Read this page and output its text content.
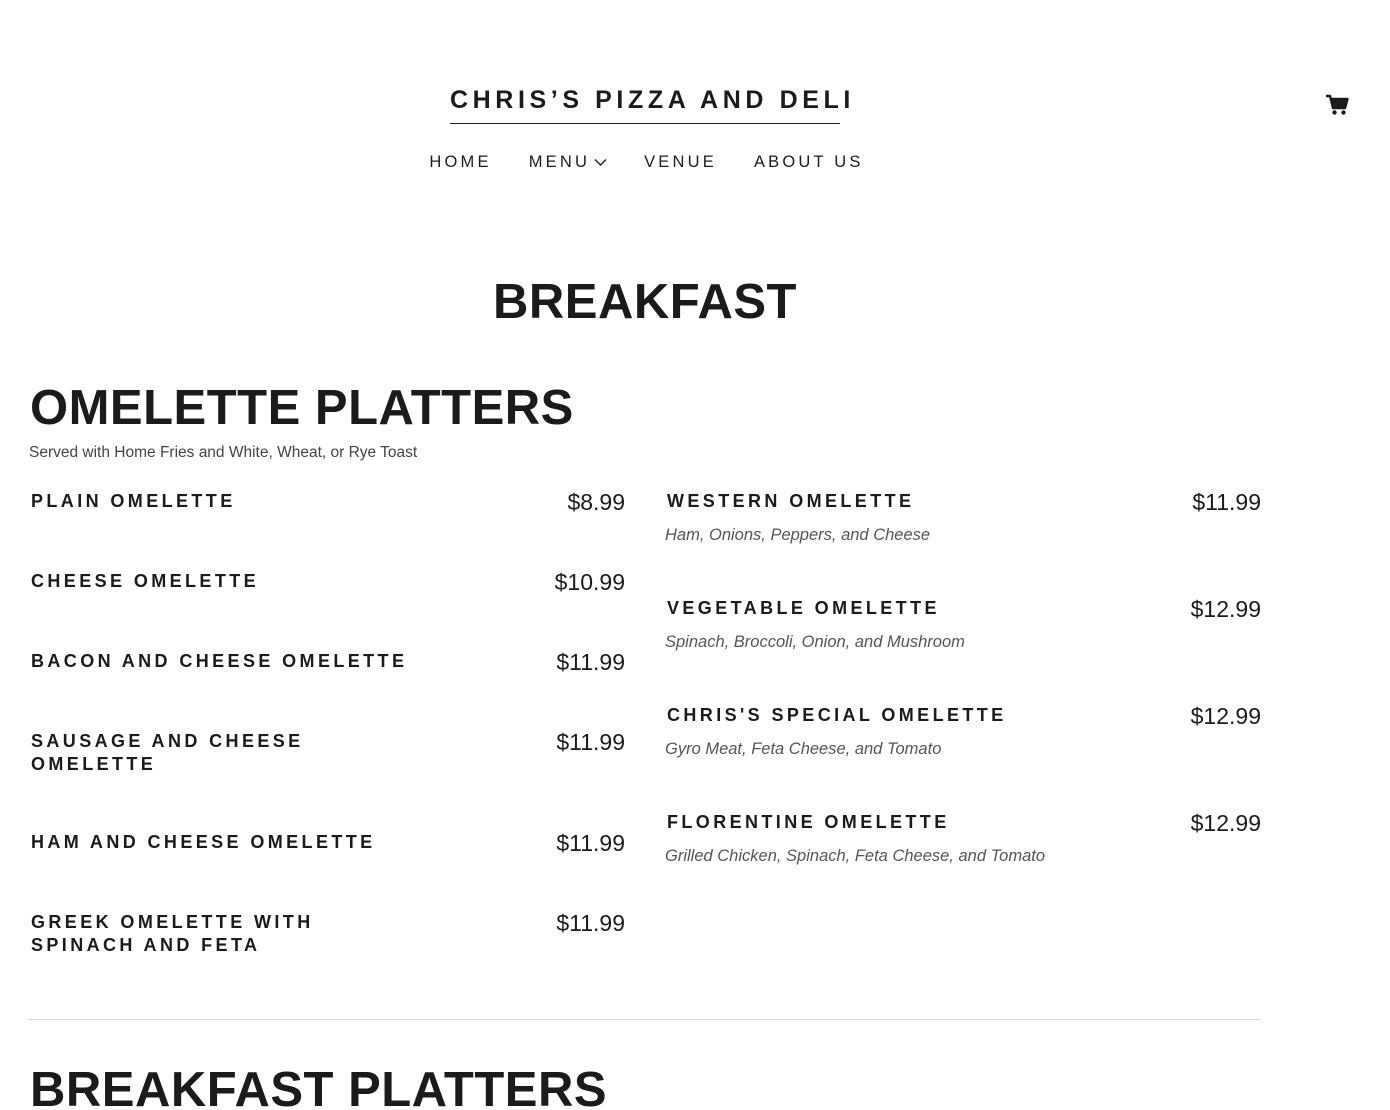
CHRIS’S PIZZA AND DELI
HOME MENU	VENUE ABOUT US
BREAKFAST
OMELETTE PLATTERS
Served with Home Fries and White, Wheat, or Rye Toast
PLAIN OMELETTE	$8.99
CHEESE OMELETTE	$10.99
BACON AND CHEESE OMELETTE	$11.99
SAUSAGE AND CHEESE OMELETTE
$11.99
HAM AND CHEESE OMELETTE	$11.99
GREEK OMELETTE WITH SPINACH AND FETA
$11.99
WESTERN OMELETTE	$11.99
Ham, Onions, Peppers, and Cheese
VEGETABLE OMELETTE	$12.99
Spinach, Broccoli, Onion, and Mushroom
CHRIS'S SPECIAL OMELETTE	$12.99
Gyro Meat, Feta Cheese, and Tomato
FLORENTINE OMELETTE	$12.99
Grilled Chicken, Spinach, Feta Cheese, and Tomato
BREAKFAST PLATTERS
